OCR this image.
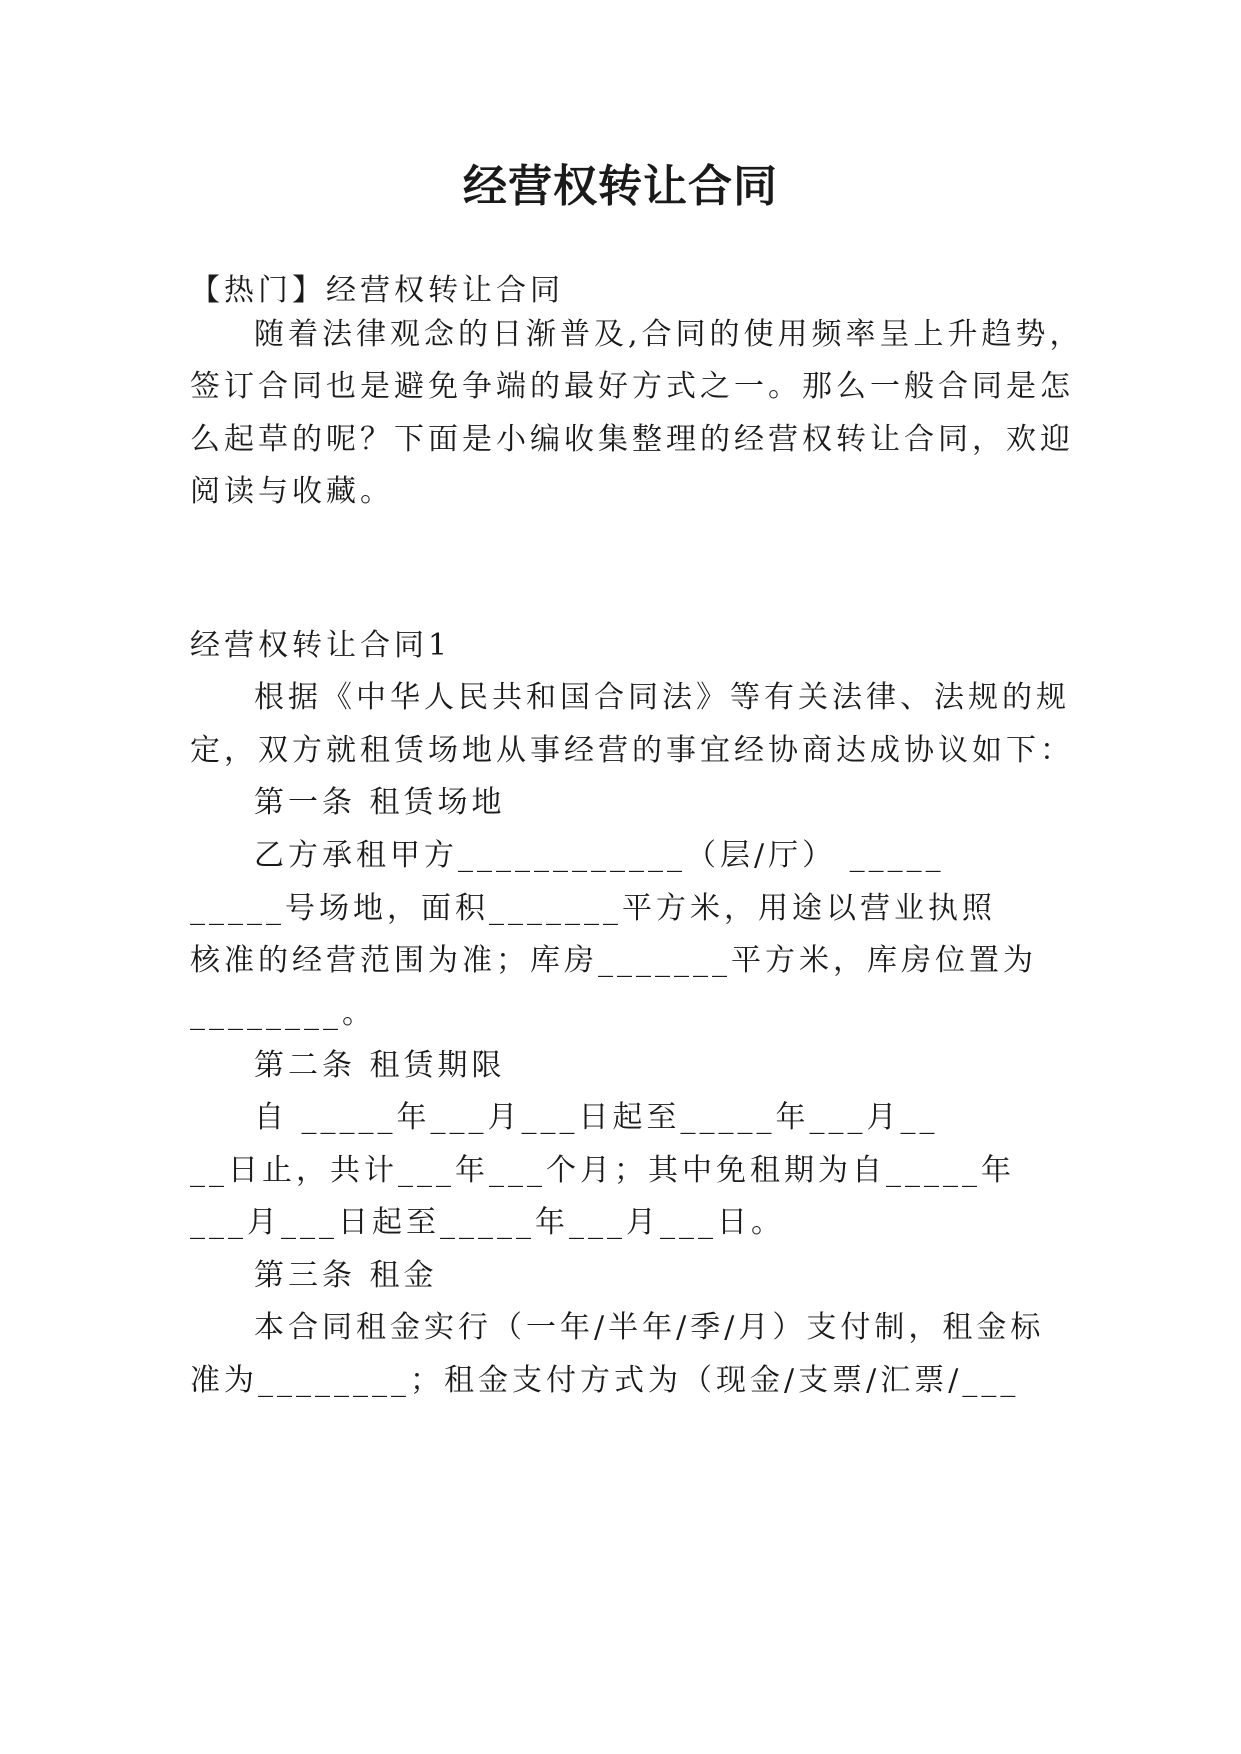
经营权转让合同
【热门】经营权转让合同
随着法律观念的日渐普及,合同的使用频率呈上升趋势，
签订合同也是避免争端的最好方式之一。那么一般合同是怎
么起草的呢？下面是小编收集整理的经营权转让合同，欢迎
阅读与收藏。
经营权转让合同1
根据《中华人民共和国合同法》等有关法律、法规的规
定，双方就租赁场地从事经营的事宜经协商达成协议如下：
第一条 租赁场地
乙方承租甲方____________（层/厅） _____
_____号场地，面积_______平方米，用途以营业执照
核准的经营范围为准；库房_______平方米，库房位置为
________。
第二条 租赁期限
自 _____年___月___日起至_____年___月__
__日止，共计___年___个月；其中免租期为自_____年
___月___日起至_____年___月___日。
第三条 租金
本合同租金实行（一年/半年/季/月）支付制，租金标
准为________；租金支付方式为（现金/支票/汇票/___
